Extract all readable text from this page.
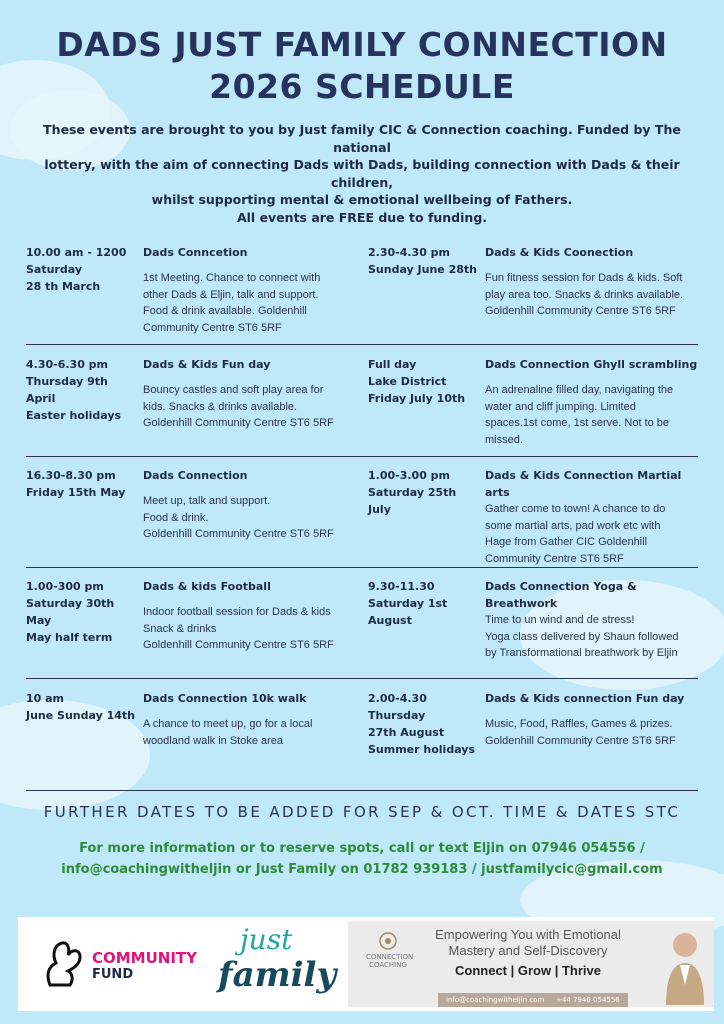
DADS JUST FAMILY CONNECTION
2026 SCHEDULE
These events are brought to you by Just family CIC & Connection coaching. Funded by The national
lottery, with the aim of connecting Dads with Dads, building connection with Dads & their children,
whilst supporting mental & emotional wellbeing of Fathers.
All events are FREE due to funding.
10.00 am - 1200
Saturday
28 th March
Dads Conncetion
1st Meeting. Chance to connect with
other Dads & Eljin, talk and support.
Food & drink available. Goldenhill
Community Centre ST6 5RF
2.30-4.30 pm
Sunday June 28th
Dads & Kids Coonection
Fun fitness session for Dads & kids. Soft
play area too. Snacks & drinks available.
Goldenhill Community Centre ST6 5RF
4.30-6.30 pm
Thursday 9th April
Easter holidays
Dads & Kids Fun day
Bouncy castles and soft play area for
kids. Snacks & drinks available.
Goldenhill Community Centre ST6 5RF
Full day
Lake District
Friday July 10th
Dads Connection Ghyll scrambling
An adrenaline filled day, navigating the
water and cliff jumping. Limited
spaces.1st come, 1st serve. Not to be
missed.
16.30-8.30 pm
Friday 15th May
Dads Connection
Meet up, talk and support.
Food & drink.
Goldenhill Community Centre ST6 5RF
1.00-3.00 pm
Saturday 25th July
Dads & Kids Connection Martial arts
Gather come to town! A chance to do
some martial arts, pad work etc with
Hage from Gather CIC Goldenhill
Community Centre ST6 5RF
1.00-300 pm
Saturday 30th May
May half term
Dads & kids Football
Indoor football session for Dads & kids
Snack & drinks
Goldenhill Community Centre ST6 5RF
9.30-11.30
Saturday 1st August
Dads Connection Yoga & Breathwork
Time to un wind and de stress!
Yoga class delivered by Shaun followed
by Transformational breathwork by Eljin
10 am
June Sunday 14th
Dads Connection 10k walk
A chance to meet up, go for a local
woodland walk in Stoke area
2.00-4.30
Thursday
27th August
Summer holidays
Dads & Kids connection Fun day
Music, Food, Raffles, Games & prizes.
Goldenhill Community Centre ST6 5RF
FURTHER DATES TO BE ADDED FOR SEP & OCT. TIME & DATES STC
For more information or to reserve spots, call or text Eljin on 07946 054556 /
info@coachingwitheljin or Just Family on 01782 939183 / justfamilycic@gmail.com
COMMUNITY
FUND
just
family	CONNECTION COACHING
Empowering You with Emotional
Mastery and Self-Discovery
Connect | Grow | Thrive
info@coachingwitheljin.com +44 7946 054556
